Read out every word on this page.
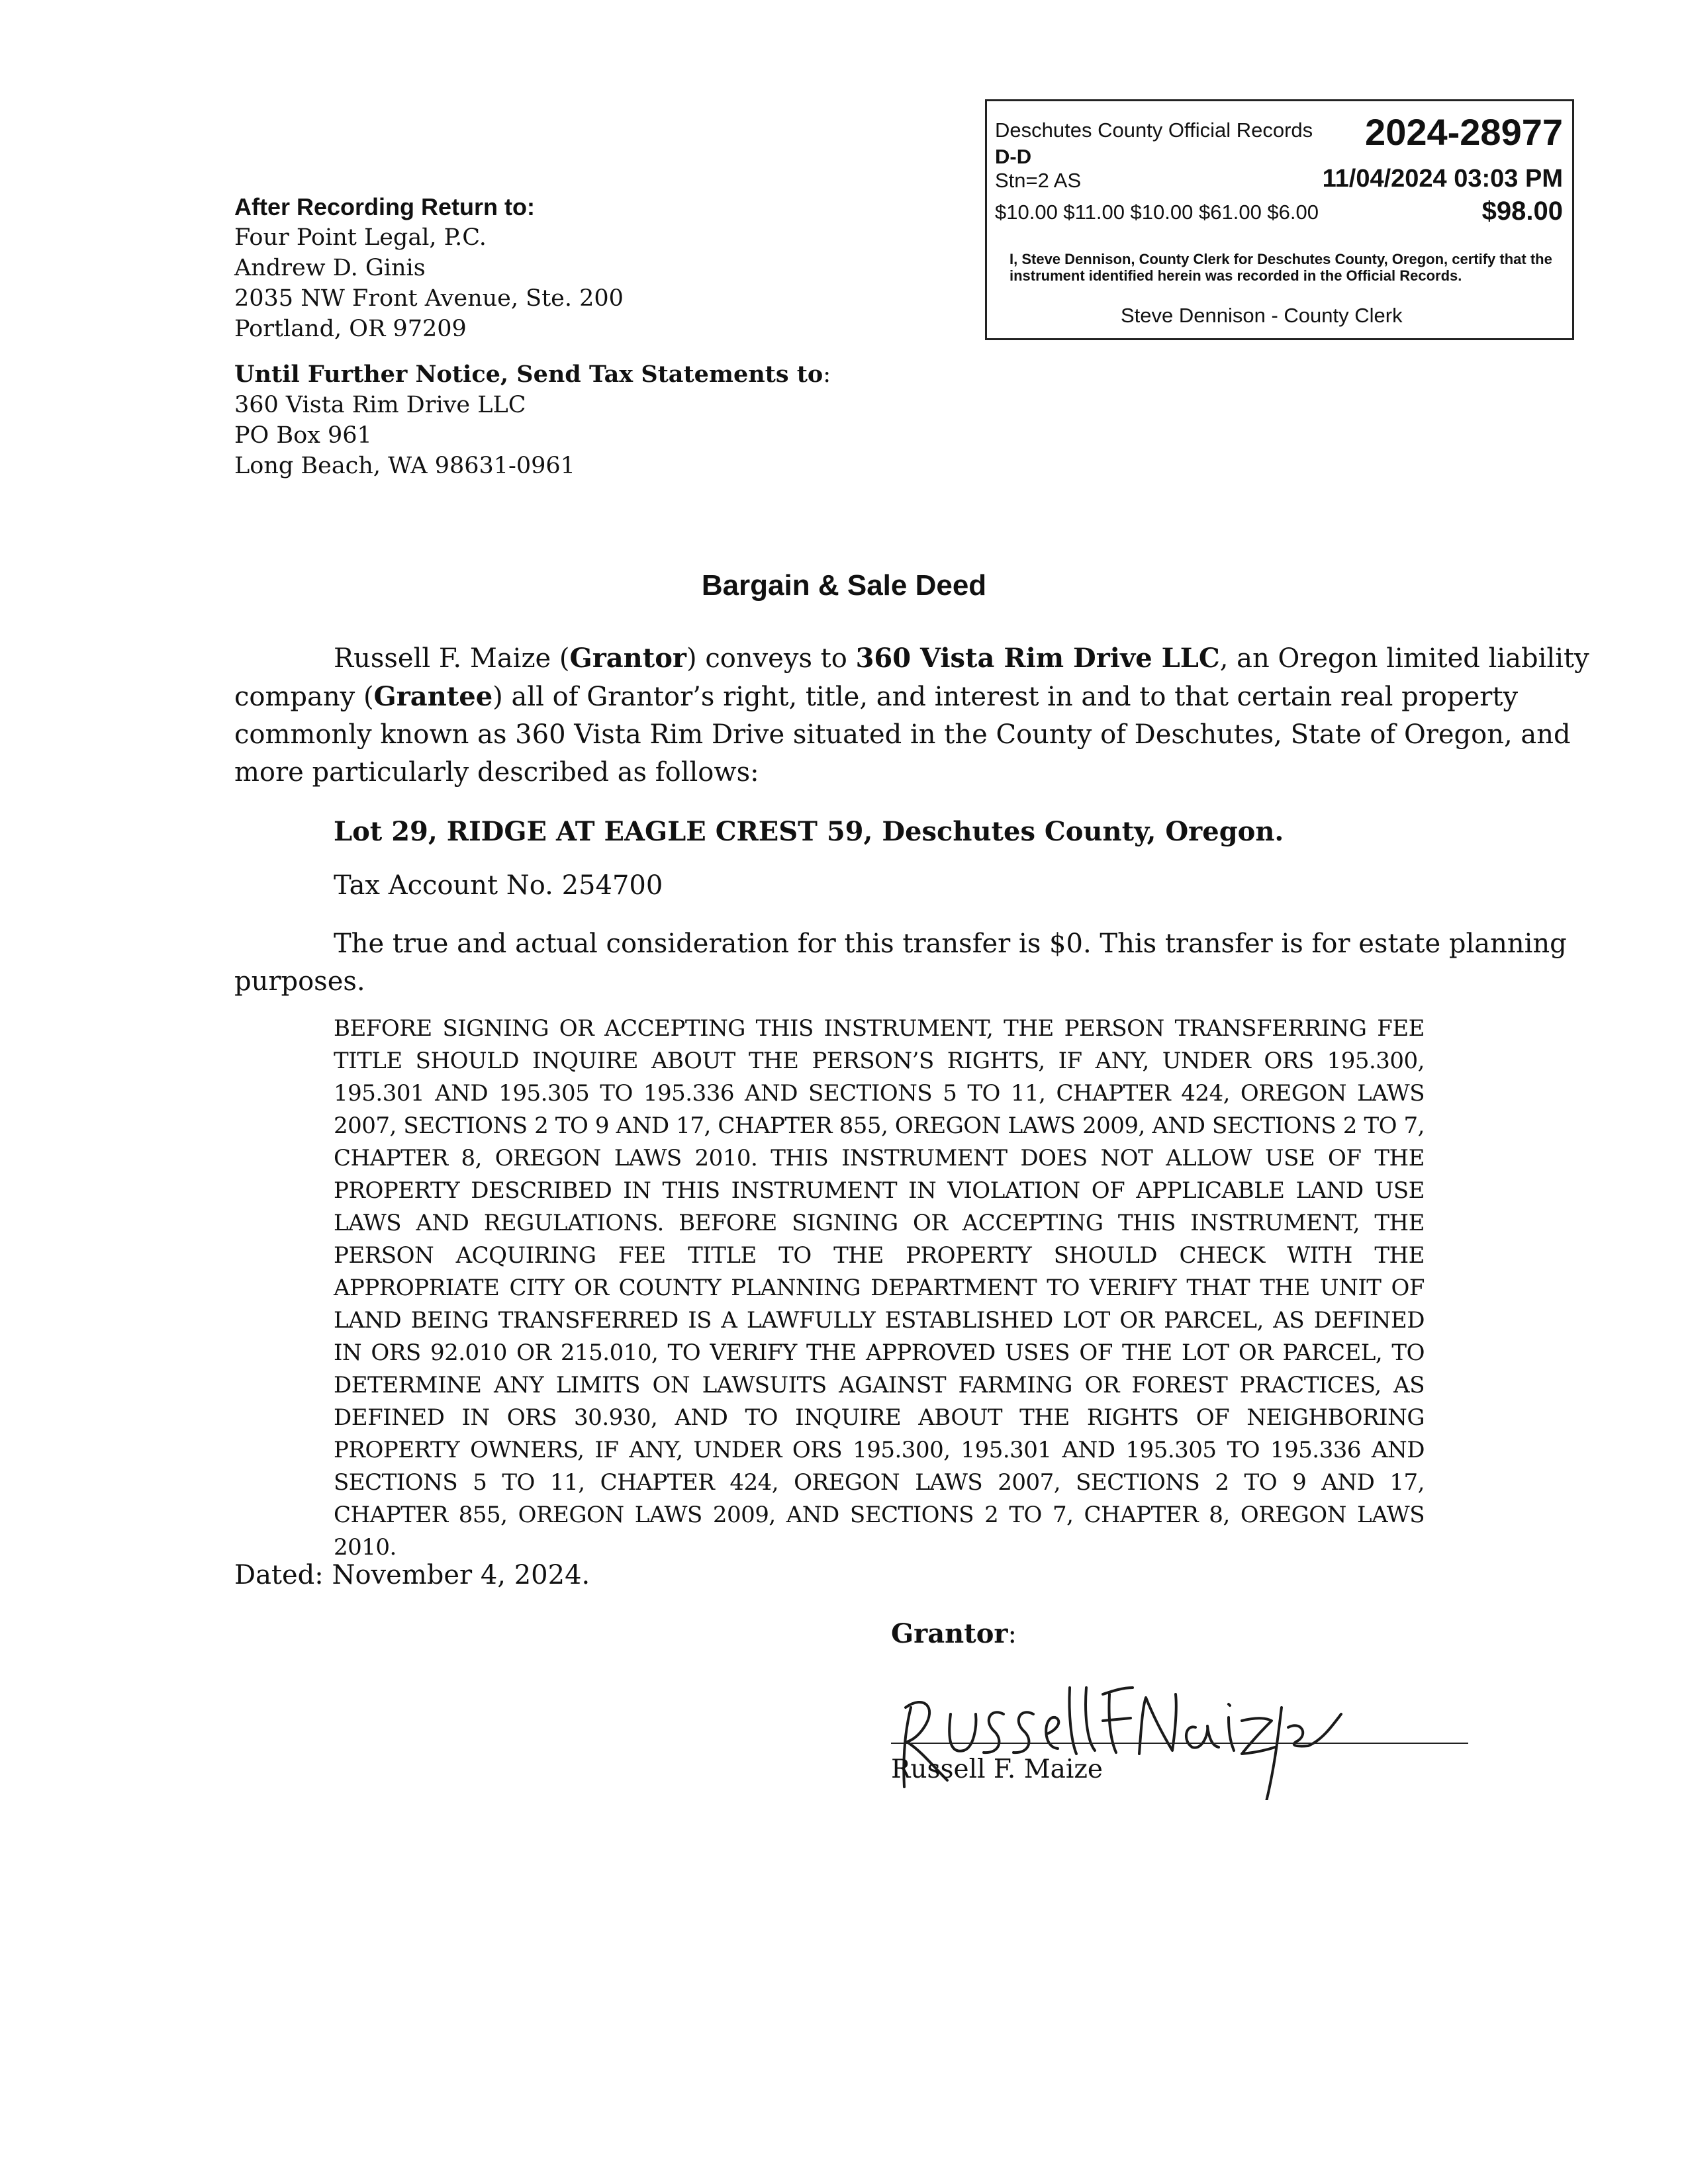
Deschutes County Official Records 2024-28977
D-D
Stn=2 AS	11/04/2024 03:03 PM
$10.00 $11.00 $10.00 $61.00 $6.00	$98.00
I, Steve Dennison, County Clerk for Deschutes County, Oregon, certify that the instrument identified herein was recorded in the Official Records.
Steve Dennison - County Clerk
After Recording Return to:
Four Point Legal, P.C.
Andrew D. Ginis
2035 NW Front Avenue, Ste. 200
Portland, OR 97209
Until Further Notice, Send Tax Statements to:
360 Vista Rim Drive LLC
PO Box 961
Long Beach, WA 98631-0961
Bargain & Sale Deed
Russell F. Maize (Grantor) conveys to 360 Vista Rim Drive LLC, an Oregon limited liability
company (Grantee) all of Grantor’s right, title, and interest in and to that certain real property
commonly known as 360 Vista Rim Drive situated in the County of Deschutes, State of Oregon, and
more particularly described as follows:
Lot 29, RIDGE AT EAGLE CREST 59, Deschutes County, Oregon.
Tax Account No. 254700
The true and actual consideration for this transfer is $0. This transfer is for estate planning
purposes.
BEFORE SIGNING OR ACCEPTING THIS INSTRUMENT, THE PERSON TRANSFERRING FEE TITLE SHOULD INQUIRE ABOUT THE PERSON’S RIGHTS, IF ANY, UNDER ORS 195.300, 195.301 AND 195.305 TO 195.336 AND SECTIONS 5 TO 11, CHAPTER 424, OREGON LAWS 2007, SECTIONS 2 TO 9 AND 17, CHAPTER 855, OREGON LAWS 2009, AND SECTIONS 2 TO 7, CHAPTER 8, OREGON LAWS 2010. THIS INSTRUMENT DOES NOT ALLOW USE OF THE PROPERTY DESCRIBED IN THIS INSTRUMENT IN VIOLATION OF APPLICABLE LAND USE LAWS AND REGULATIONS. BEFORE SIGNING OR ACCEPTING THIS INSTRUMENT, THE PERSON ACQUIRING FEE TITLE TO THE PROPERTY SHOULD CHECK WITH THE APPROPRIATE CITY OR COUNTY PLANNING DEPARTMENT TO VERIFY THAT THE UNIT OF LAND BEING TRANSFERRED IS A LAWFULLY ESTABLISHED LOT OR PARCEL, AS DEFINED IN ORS 92.010 OR 215.010, TO VERIFY THE APPROVED USES OF THE LOT OR PARCEL, TO DETERMINE ANY LIMITS ON LAWSUITS AGAINST FARMING OR FOREST PRACTICES, AS DEFINED IN ORS 30.930, AND TO INQUIRE ABOUT THE RIGHTS OF NEIGHBORING PROPERTY OWNERS, IF ANY, UNDER ORS 195.300, 195.301 AND 195.305 TO 195.336 AND SECTIONS 5 TO 11, CHAPTER 424, OREGON LAWS 2007, SECTIONS 2 TO 9 AND 17, CHAPTER 855, OREGON LAWS 2009, AND SECTIONS 2 TO 7, CHAPTER 8, OREGON LAWS 2010.
Dated: November 4, 2024.
Grantor:
Russell F. Maize
